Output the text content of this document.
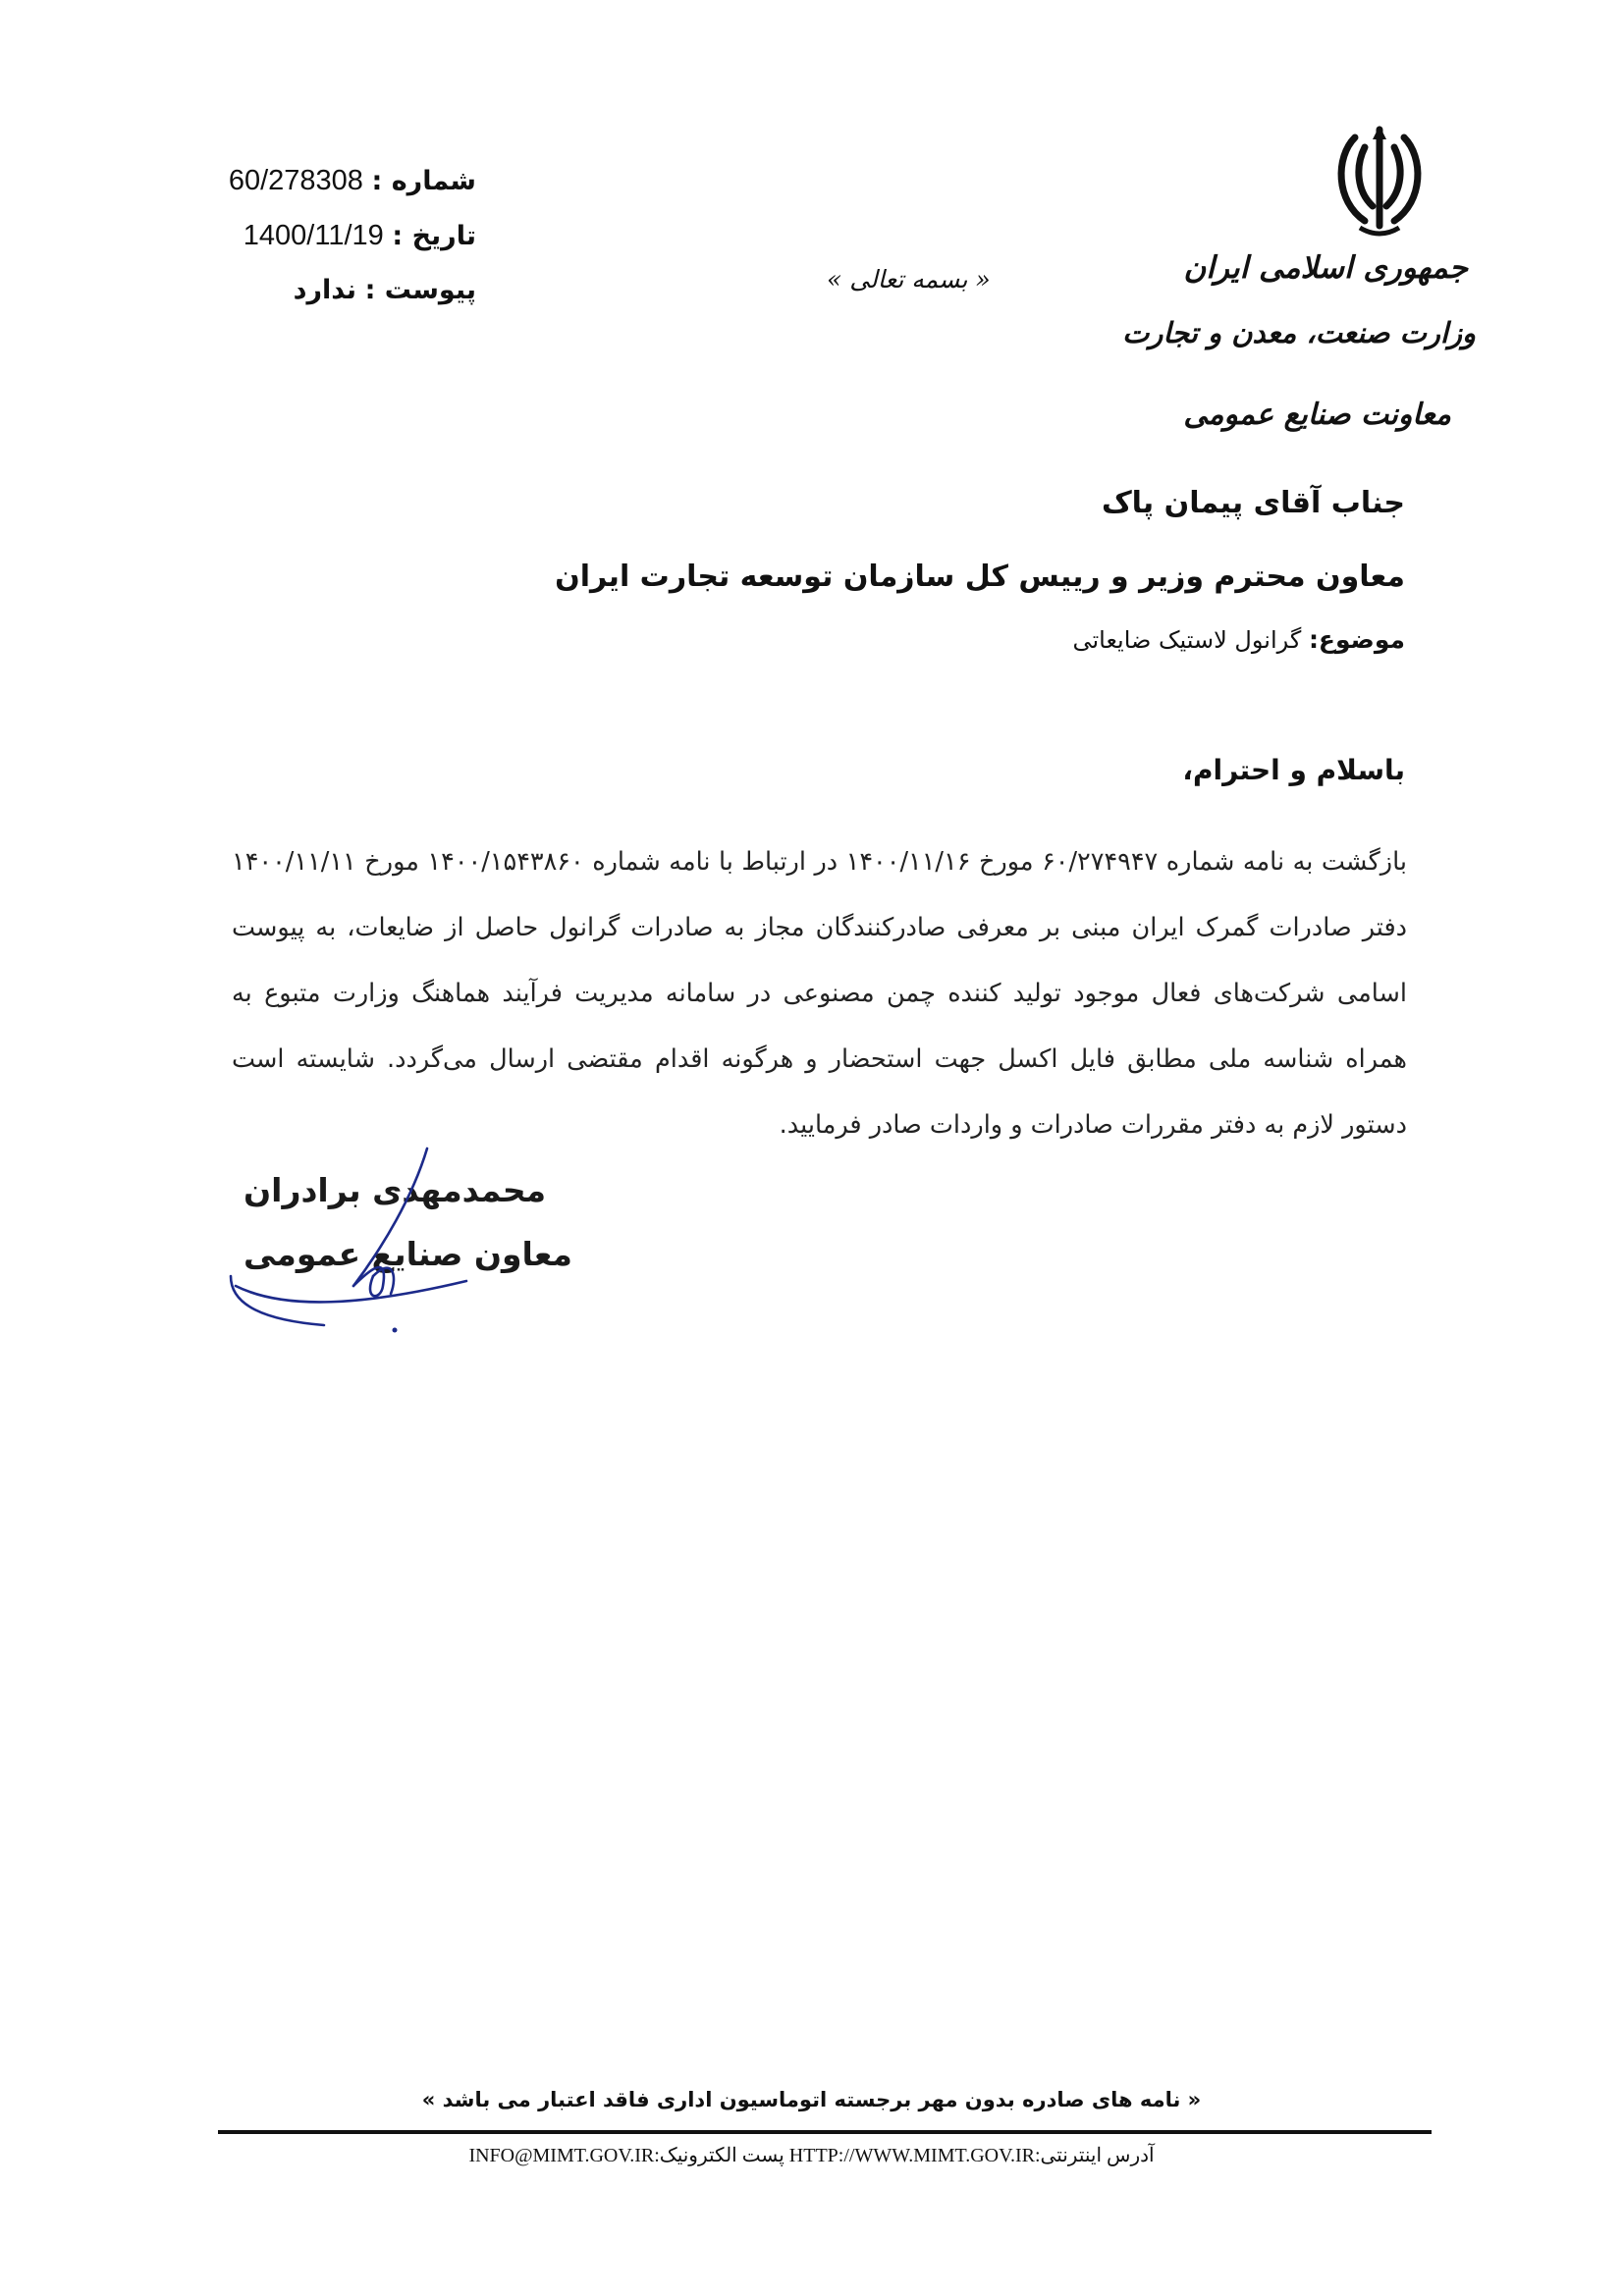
شماره : 60/278308
تاریخ : 1400/11/19
پیوست : ندارد	« بسمه تعالی »	جمهوری اسلامی ایران
وزارت صنعت، معدن و تجارت
معاونت صنایع عمومی
جناب آقای پیمان پاک
معاون محترم وزیر و رییس کل سازمان توسعه تجارت ایران
موضوع: گرانول لاستیک ضایعاتی
باسلام و احترام،
بازگشت به نامه شماره ۶۰/۲۷۴۹۴۷ مورخ ۱۴۰۰/۱۱/۱۶ در ارتباط با نامه شماره ۱۴۰۰/۱۵۴۳۸۶۰ مورخ ۱۴۰۰/۱۱/۱۱ دفتر صادرات گمرک ایران مبنی بر معرفی صادرکنندگان مجاز به صادرات گرانول حاصل از ضایعات، به پیوست اسامی شرکت‌های فعال موجود تولید کننده چمن مصنوعی در سامانه مدیریت فرآیند هماهنگ وزارت متبوع به همراه شناسه ملی مطابق فایل اکسل جهت استحضار و هرگونه اقدام مقتضی ارسال می‌گردد. شایسته است دستور لازم به دفتر مقررات صادرات و واردات صادر فرمایید.
محمدمهدی برادران
معاون صنایع عمومی
« نامه های صادره بدون مهر برجسته اتوماسیون اداری فاقد اعتبار می باشد »
آدرس اینترنتی:HTTP://WWW.MIMT.GOV.IR پست الکترونیک:INFO@MIMT.GOV.IR
